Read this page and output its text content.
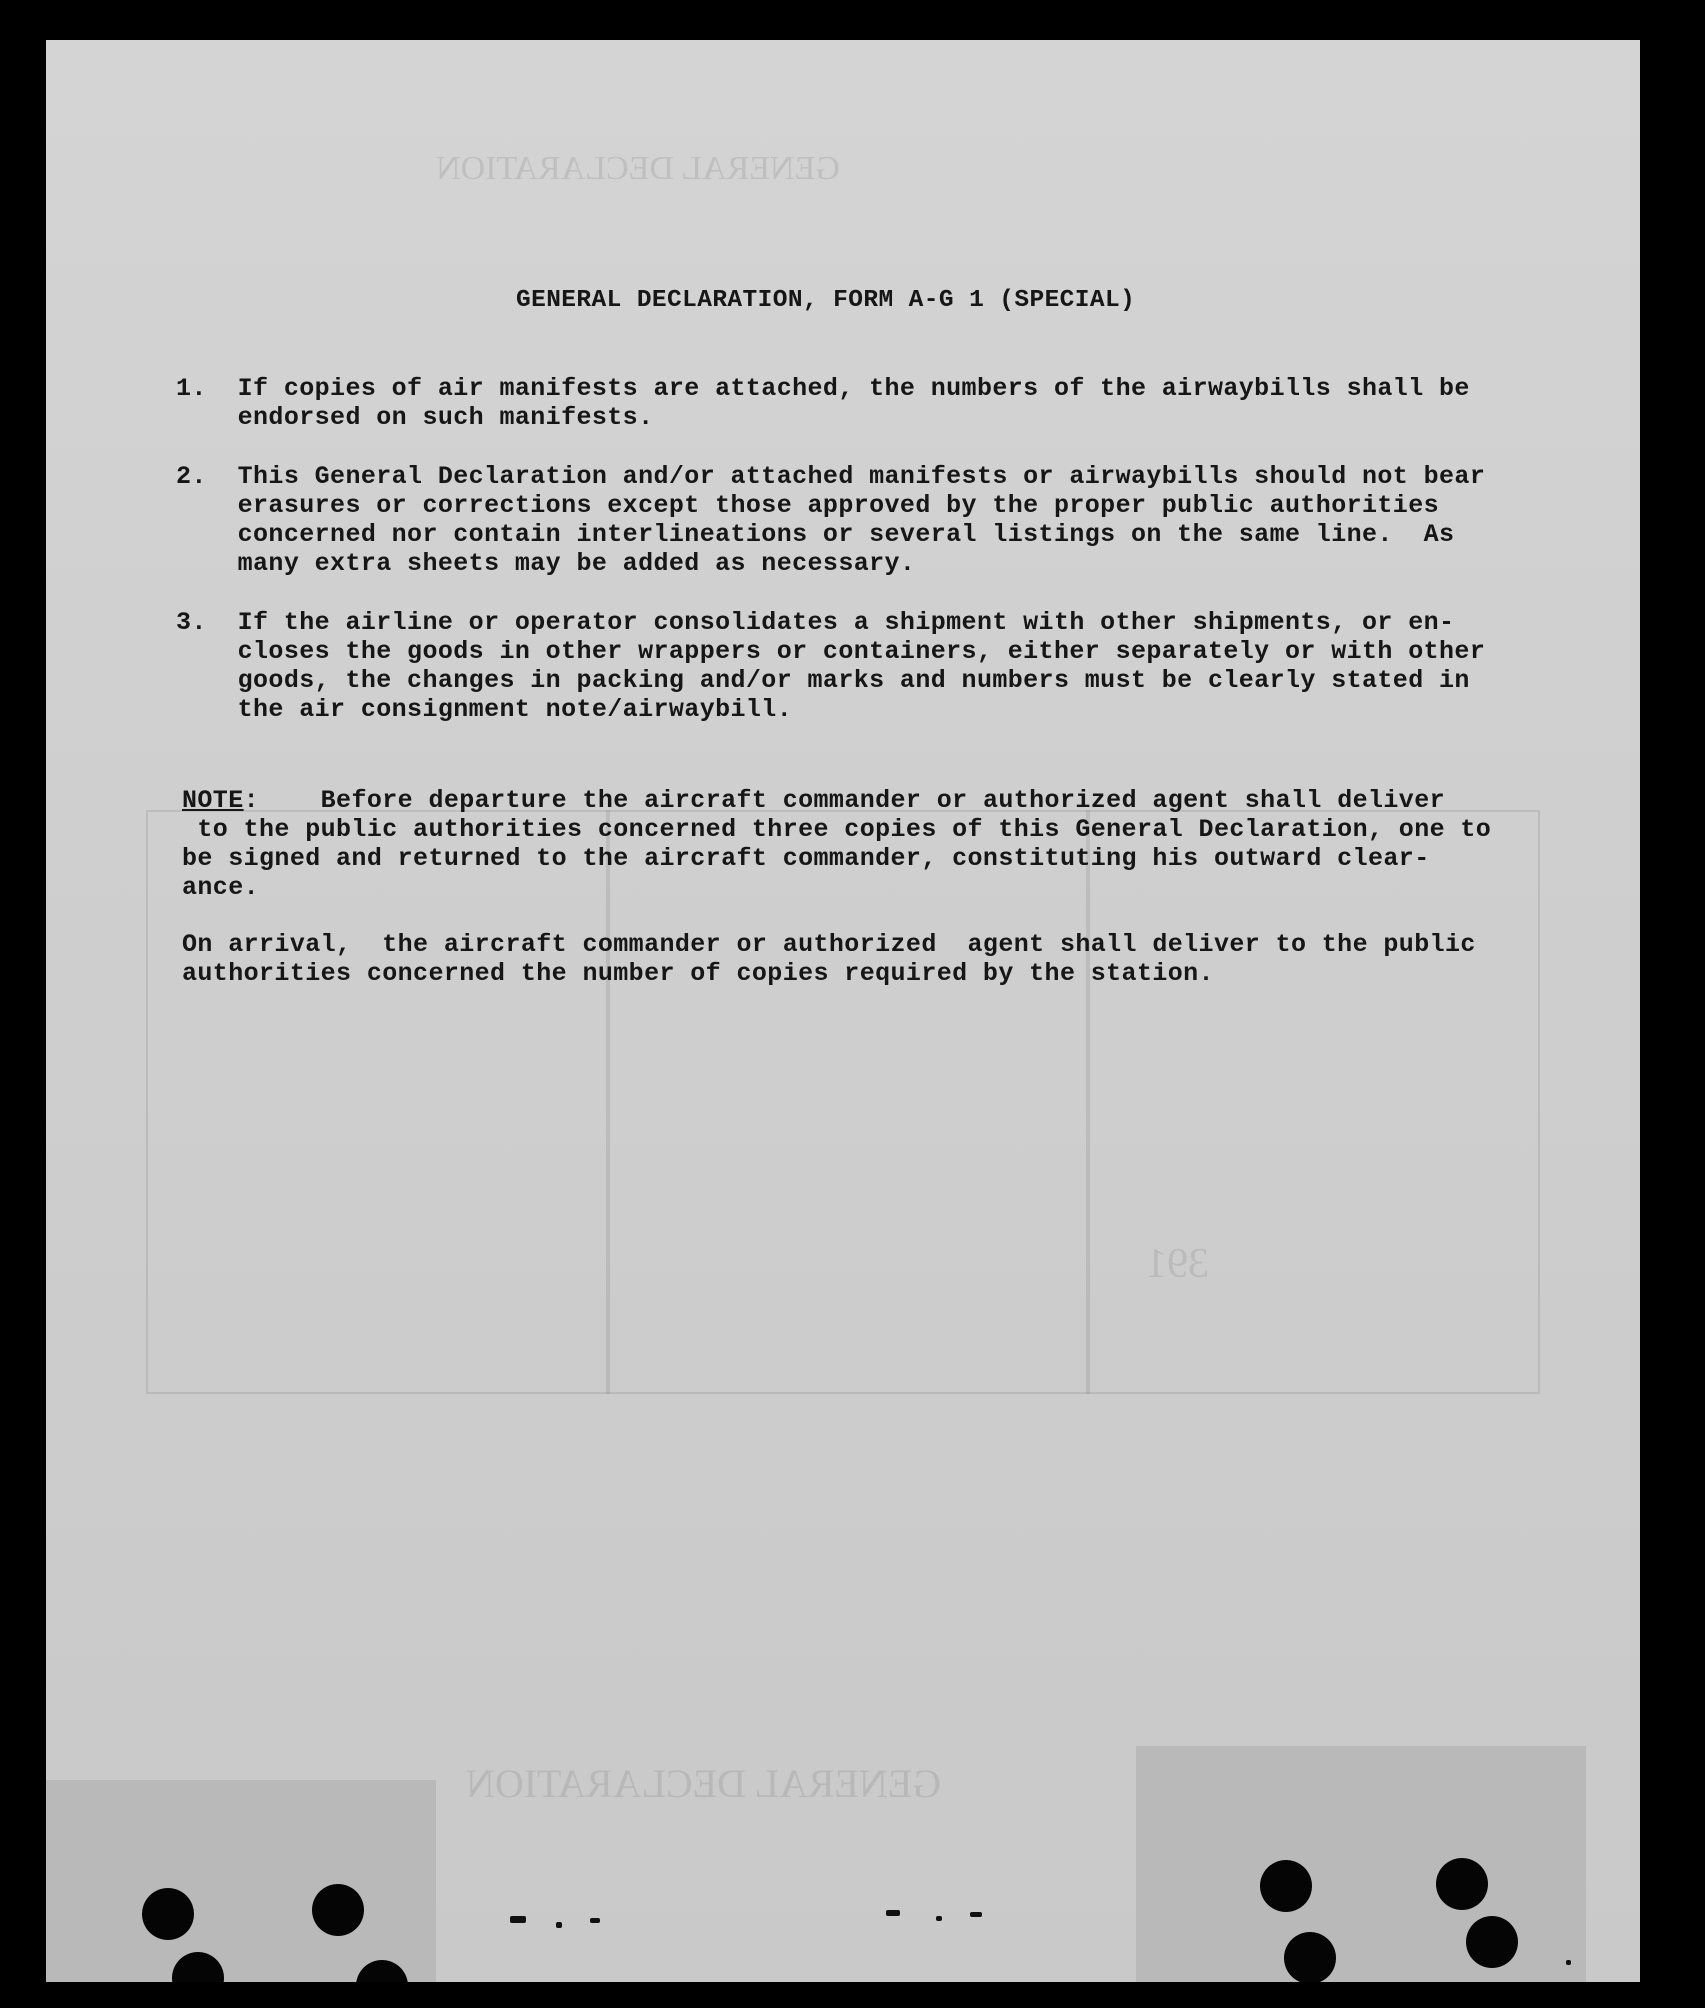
GENERAL DECLARATION
GENERAL DECLARATION
391
GENERAL DECLARATION, FORM A-G 1 (SPECIAL)
1. If copies of air manifests are attached, the numbers of the airwaybills shall be
endorsed on such manifests.
2. This General Declaration and/or attached manifests or airwaybills should not bear
erasures or corrections except those approved by the proper public authorities
concerned nor contain interlineations or several listings on the same line.  As
many extra sheets may be added as necessary.
3. If the airline or operator consolidates a shipment with other shipments, or en-
closes the goods in other wrappers or containers, either separately or with other
goods, the changes in packing and/or marks and numbers must be clearly stated in
the air consignment note/airwaybill.
NOTE:    Before departure the aircraft commander or authorized agent shall deliver
to the public authorities concerned three copies of this General Declaration, one to
be signed and returned to the aircraft commander, constituting his outward clear-
ance.
On arrival,  the aircraft commander or authorized  agent shall deliver to the public
authorities concerned the number of copies required by the station.
